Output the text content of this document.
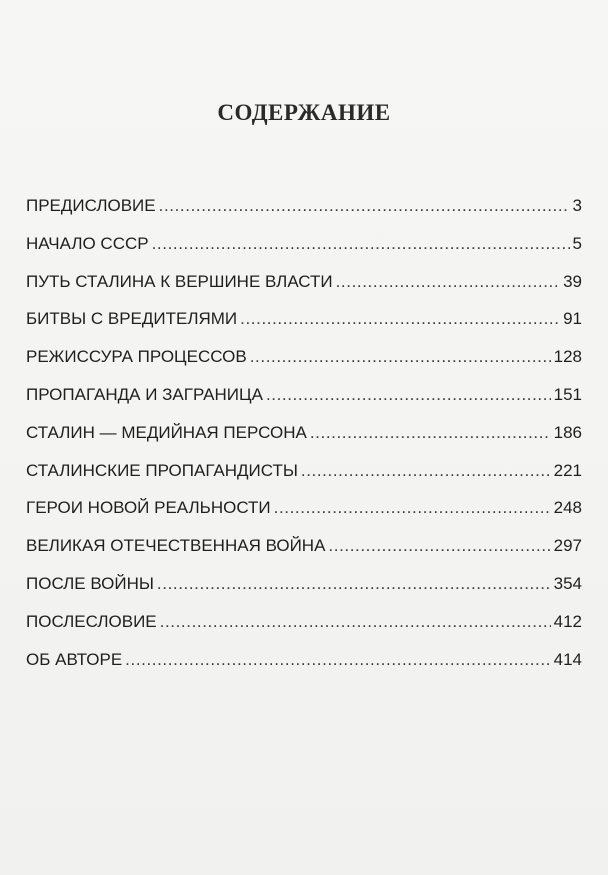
СОДЕРЖАНИЕ
ПРЕДИСЛОВИЕ .....	3
НАЧАЛО СССР .....	5
ПУТЬ СТАЛИНА К ВЕРШИНЕ ВЛАСТИ .....	39
БИТВЫ С ВРЕДИТЕЛЯМИ .....	91
РЕЖИССУРА ПРОЦЕССОВ .....	128
ПРОПАГАНДА И ЗАГРАНИЦА .....	151
СТАЛИН — МЕДИЙНАЯ ПЕРСОНА .....	186
СТАЛИНСКИЕ ПРОПАГАНДИСТЫ .....	221
ГЕРОИ НОВОЙ РЕАЛЬНОСТИ .....	248
ВЕЛИКАЯ ОТЕЧЕСТВЕННАЯ ВОЙНА .....	297
ПОСЛЕ ВОЙНЫ .....	354
ПОСЛЕСЛОВИЕ .....	412
ОБ АВТОРЕ .....	414
